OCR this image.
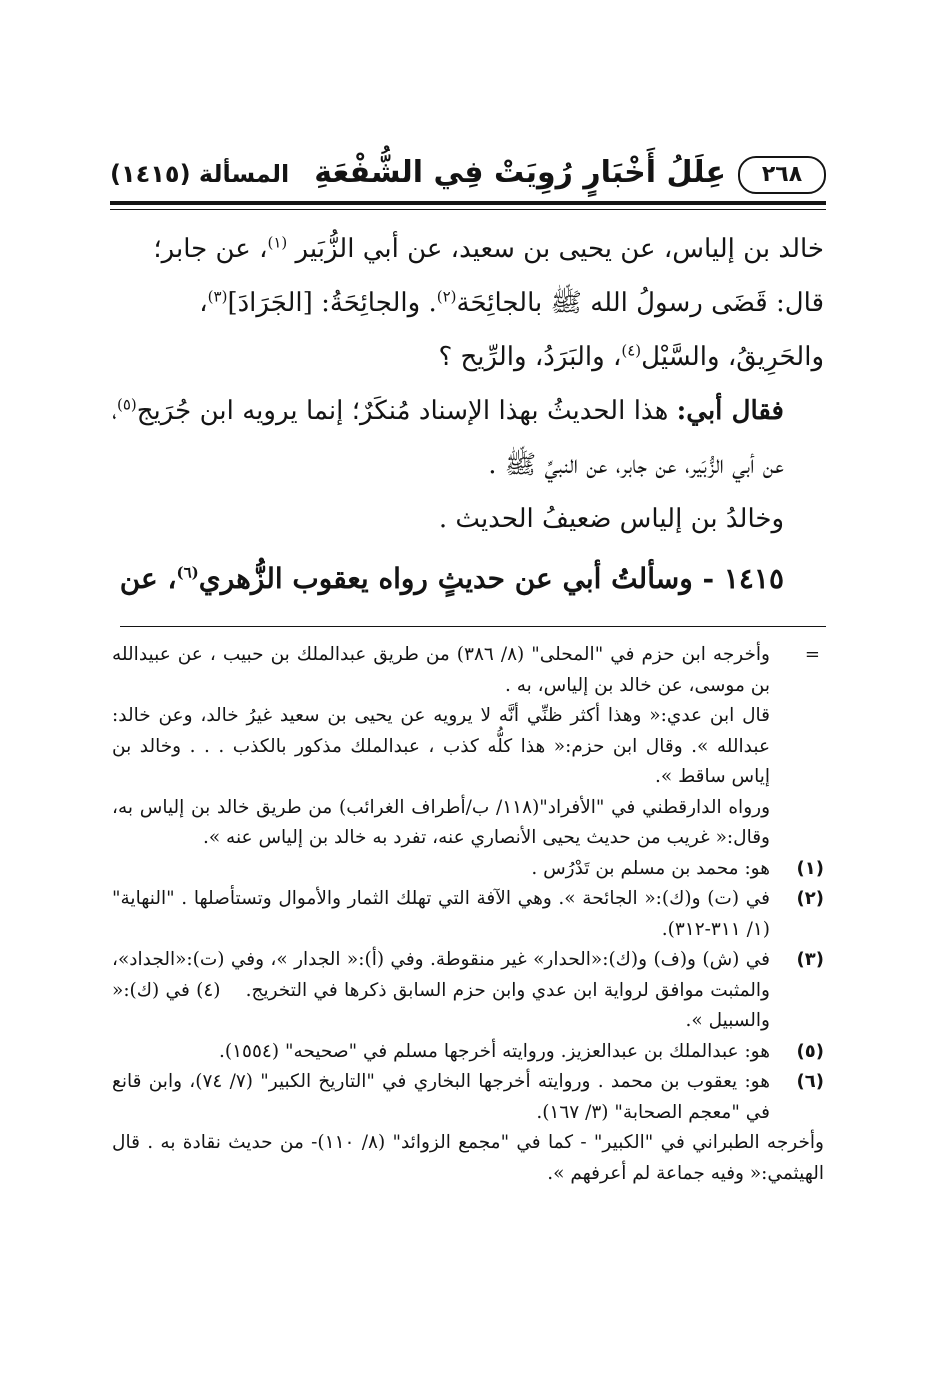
٢٦٨
عِلَلُ أَخْبَارٍ رُوِيَتْ فِي الشُّفْعَةِ
المسألة (١٤١٥)

خالد بن إلياس، عن يحيى بن سعيد، عن أبي الزُّبَير $^{(١)}$، عن جابر؛

قال: قَضَى رسولُ الله ﷺ بالجائِحَة$^{(٢)}$. والجائِحَةُ: [الجَرَادَ]$^{(٣)}$،

والحَرِيقُ، والسَّيْل$^{(٤)}$، والبَرَدُ، والرِّيح ؟

فقال أبي: هذا الحديثُ بهذا الإسناد مُنكَرٌ؛ إنما يرويه ابن جُرَيج$^{(٥)}$، عن أبي الزُّبَير، عن جابر، عن النبيِّ ﷺ .

وخالدُ بن إلياس ضعيفُ الحديث .

١٤١٥ - وسألتُ أبي عن حديثٍ رواه يعقوب الزُّهري$^{(٦)}$، عن

=

وأخرجه ابن حزم في "المحلى" (٨/ ٣٨٦) من طريق عبدالملك بن حبيب ، عن عبيدالله بن موسى، عن خالد بن إلياس، به .

قال ابن عدي:« وهذا أكثر ظنِّي أنَّه لا يرويه عن يحيى بن سعيد غيرُ خالد، وعن خالد: عبدالله ». وقال ابن حزم:« هذا كلُّه كذب ، عبدالملك مذكور بالكذب . . . وخالد بن إياس ساقط ».

ورواه الدارقطني في "الأفراد"(١١٨/ ب/أطراف الغرائب) من طريق خالد بن إلياس به، وقال:« غريب من حديث يحيى الأنصاري عنه، تفرد به خالد بن إلياس عنه ».

(١)

هو: محمد بن مسلم بن تَدْرُس .

(٢)

في (ت) و(ك):« الجائحة ». وهي الآفة التي تهلك الثمار والأموال وتستأصلها . "النهاية" (١/ ٣١١-٣١٢).

(٣)

في (ش) و(ف) و(ك):«الحدار» غير منقوطة. وفي (أ):« الجدار »، وفي (ت):«الجداد»، والمثبت موافق لرواية ابن عدي وابن حزم السابق ذكرها في التخريج.    (٤) في (ك):« والسبيل ».

(٥)

هو: عبدالملك بن عبدالعزيز. وروايته أخرجها مسلم في "صحيحه" (١٥٥٤).

(٦)

هو: يعقوب بن محمد . وروايته أخرجها البخاري في "التاريخ الكبير" (٧/ ٧٤)، وابن قانع في "معجم الصحابة" (٣/ ١٦٧).

وأخرجه الطبراني في "الكبير" - كما في "مجمع الزوائد" (٨/ ١١٠)- من حديث نقادة به . قال الهيثمي:« وفيه جماعة لم أعرفهم ».
